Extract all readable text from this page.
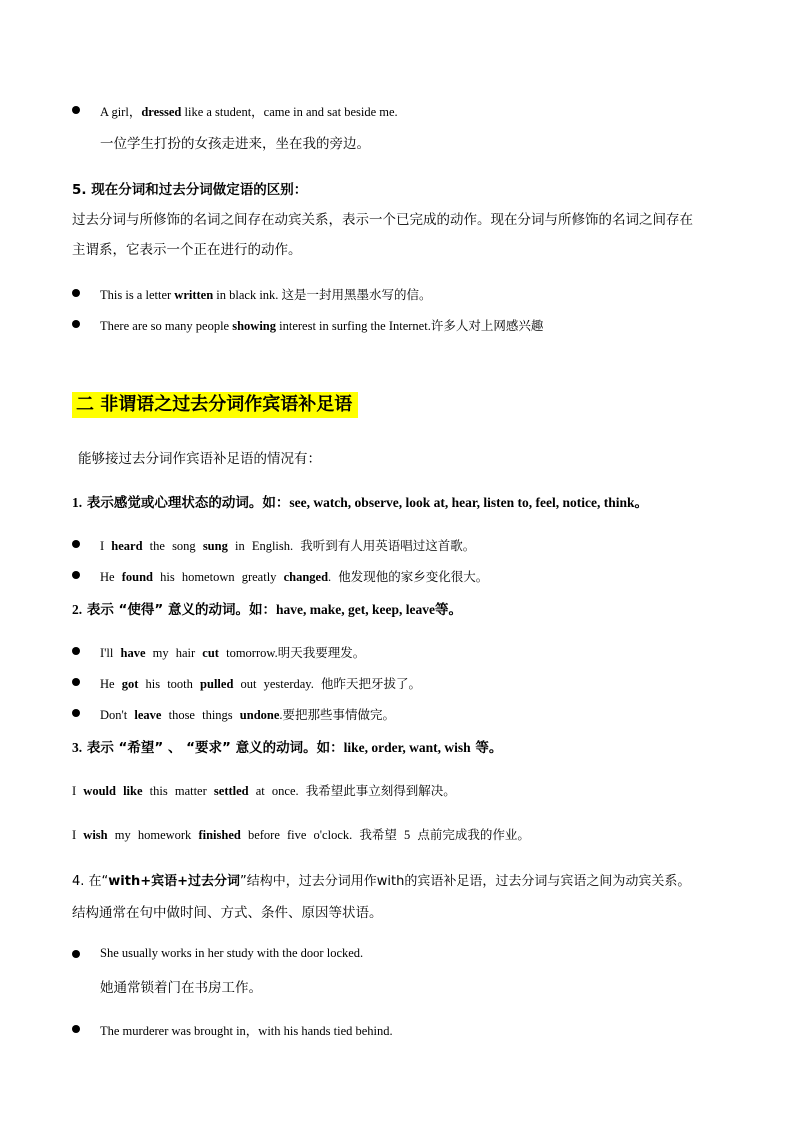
A girl，dressed like a student，came in and sat beside me.
一位学生打扮的女孩走进来，坐在我的旁边。
5. 现在分词和过去分词做定语的区别：
过去分词与所修饰的名词之间存在动宾关系，表示一个已完成的动作。现在分词与所修饰的名词之间存在
主谓系，它表示一个正在进行的动作。
This is a letter written in black ink. 这是一封用黑墨水写的信。
There are so many people showing interest in surfing the Internet.许多人对上网感兴趣
二 非谓语之过去分词作宾语补足语
能够接过去分词作宾语补足语的情况有：
1. 表示感觉或心理状态的动词。如：see, watch, observe, look at, hear, listen to, feel, notice, think。
I heard the song sung in English. 我听到有人用英语唱过这首歌。
He found his hometown greatly changed. 他发现他的家乡变化很大。
2. 表示 “使得” 意义的动词。如：have, make, get, keep, leave等。
I'll have my hair cut tomorrow.明天我要理发。
He got his tooth pulled out yesterday. 他昨天把牙拔了。
Don't leave those things undone.要把那些事情做完。
3. 表示 “希望” 、 “要求” 意义的动词。如：like, order, want, wish 等。
I would like this matter settled at once. 我希望此事立刻得到解决。
I wish my homework finished before five o'clock. 我希望 5 点前完成我的作业。
4. 在“with+宾语+过去分词”结构中，过去分词用作with的宾语补足语，过去分词与宾语之间为动宾关系。
结构通常在句中做时间、方式、条件、原因等状语。
She usually works in her study with the door locked.
她通常锁着门在书房工作。
The murderer was brought in，with his hands tied behind.
